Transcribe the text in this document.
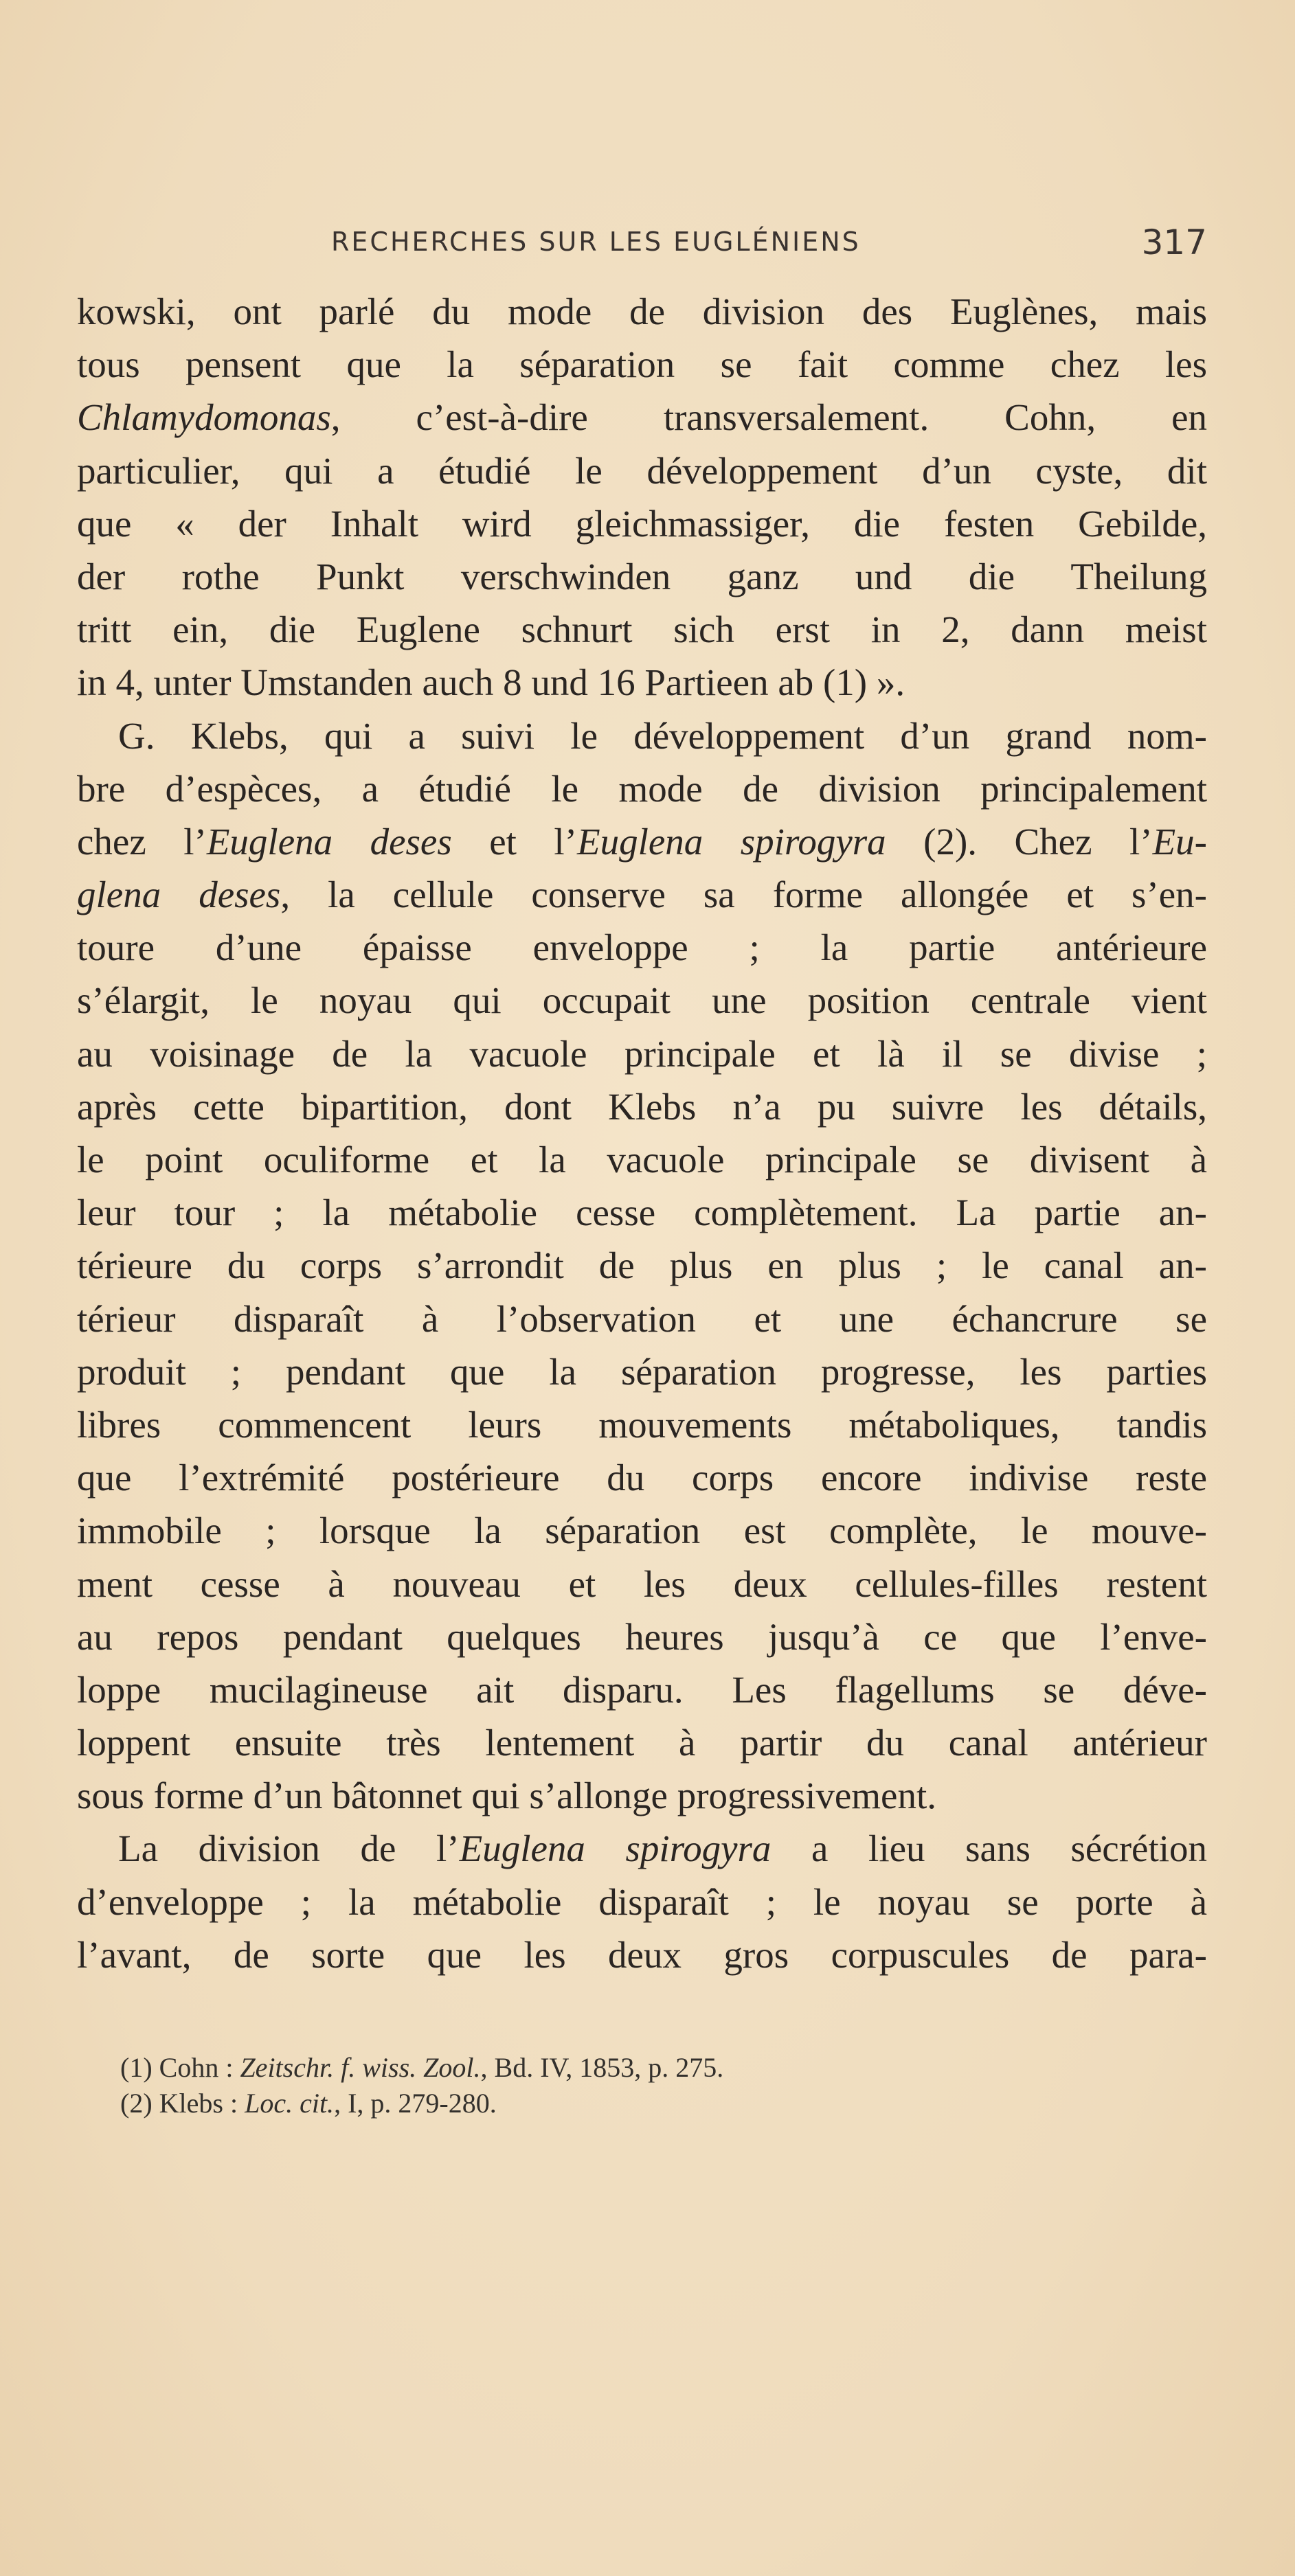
RECHERCHES SUR LES EUGLÉNIENS	317
kowski, ont parlé du mode de division des Euglènes, mais
tous pensent que la séparation se fait comme chez les
Chlamydomonas, c’est-à-dire transversalement. Cohn, en
particulier, qui a étudié le développement d’un cyste, dit
que « der Inhalt wird gleichmassiger, die festen Gebilde,
der rothe Punkt verschwinden ganz und die Theilung
tritt ein, die Euglene schnurt sich erst in 2, dann meist
in 4, unter Umstanden auch 8 und 16 Partieen ab (1) ».
G. Klebs, qui a suivi le développement d’un grand nom-
bre d’espèces, a étudié le mode de division principalement
chez l’Euglena deses et l’Euglena spirogyra (2). Chez l’Eu-
glena deses, la cellule conserve sa forme allongée et s’en-
toure d’une épaisse enveloppe ; la partie antérieure
s’élargit, le noyau qui occupait une position centrale vient
au voisinage de la vacuole principale et là il se divise ;
après cette bipartition, dont Klebs n’a pu suivre les détails,
le point oculiforme et la vacuole principale se divisent à
leur tour ; la métabolie cesse complètement. La partie an-
térieure du corps s’arrondit de plus en plus ; le canal an-
térieur disparaît à l’observation et une échancrure se
produit ; pendant que la séparation progresse, les parties
libres commencent leurs mouvements métaboliques, tandis
que l’extrémité postérieure du corps encore indivise reste
immobile ; lorsque la séparation est complète, le mouve-
ment cesse à nouveau et les deux cellules-filles restent
au repos pendant quelques heures jusqu’à ce que l’enve-
loppe mucilagineuse ait disparu. Les flagellums se déve-
loppent ensuite très lentement à partir du canal antérieur
sous forme d’un bâtonnet qui s’allonge progressivement.
La division de l’Euglena spirogyra a lieu sans sécrétion
d’enveloppe ; la métabolie disparaît ; le noyau se porte à
l’avant, de sorte que les deux gros corpuscules de para-
(1) Cohn : Zeitschr. f. wiss. Zool., Bd. IV, 1853, p. 275.
(2) Klebs : Loc. cit., I, p. 279-280.
